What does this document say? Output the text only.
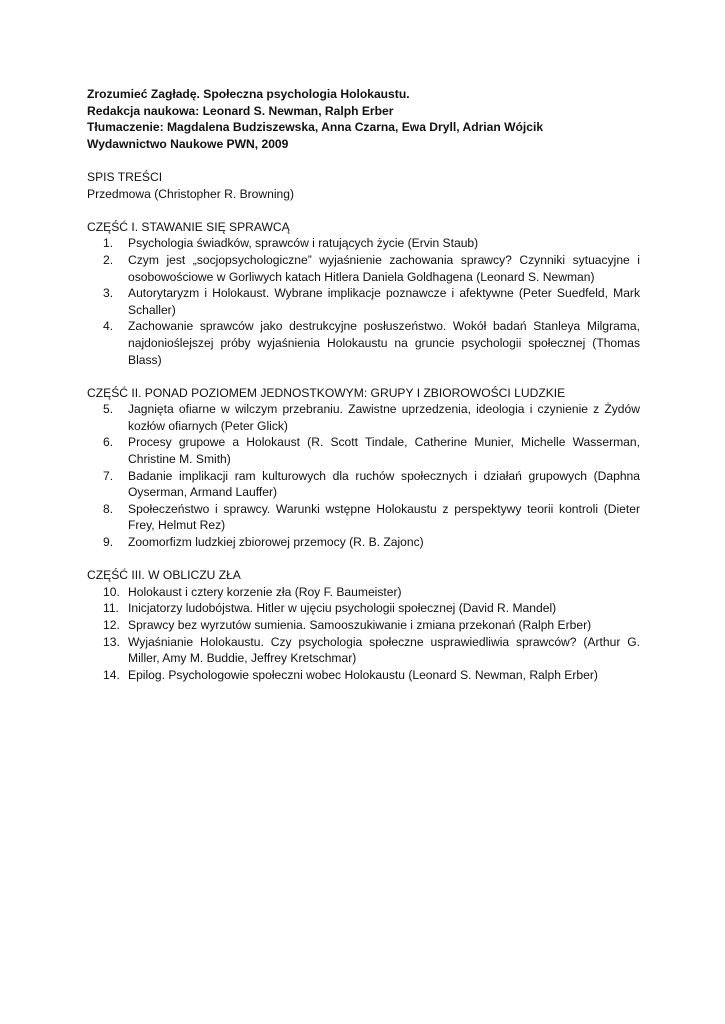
Zrozumieć Zagładę. Społeczna psychologia Holokaustu.
Redakcja naukowa: Leonard S. Newman, Ralph Erber
Tłumaczenie: Magdalena Budziszewska, Anna Czarna, Ewa Dryll, Adrian Wójcik
Wydawnictwo Naukowe PWN, 2009
SPIS TREŚCI
Przedmowa (Christopher R. Browning)
CZĘŚĆ I. STAWANIE SIĘ SPRAWCĄ
1.	Psychologia świadków, sprawców i ratujących życie (Ervin Staub)
2.	Czym jest „socjopsychologiczne” wyjaśnienie zachowania sprawcy? Czynniki sytuacyjne i osobowościowe w Gorliwych katach Hitlera Daniela Goldhagena (Leonard S. Newman)
3.	Autorytaryzm i Holokaust. Wybrane implikacje poznawcze i afektywne (Peter Suedfeld, Mark Schaller)
4.	Zachowanie sprawców jako destrukcyjne posłuszeństwo. Wokół badań Stanleya Milgrama, najdonioślejszej próby wyjaśnienia Holokaustu na gruncie psychologii społecznej (Thomas Blass)
CZĘŚĆ II. PONAD POZIOMEM JEDNOSTKOWYM: GRUPY I ZBIOROWOŚCI LUDZKIE
5.	Jagnięta ofiarne w wilczym przebraniu. Zawistne uprzedzenia, ideologia i czynienie z Żydów kozłów ofiarnych (Peter Glick)
6.	Procesy grupowe a Holokaust (R. Scott Tindale, Catherine Munier, Michelle Wasserman, Christine M. Smith)
7.	Badanie implikacji ram kulturowych dla ruchów społecznych i działań grupowych (Daphna Oyserman, Armand Lauffer)
8.	Społeczeństwo i sprawcy. Warunki wstępne Holokaustu z perspektywy teorii kontroli (Dieter Frey, Helmut Rez)
9.	Zoomorfizm ludzkiej zbiorowej przemocy (R. B. Zajonc)
CZĘŚĆ III. W OBLICZU ZŁA
10. Holokaust i cztery korzenie zła (Roy F. Baumeister)
11. Inicjatorzy ludobójstwa. Hitler w ujęciu psychologii społecznej (David R. Mandel)
12. Sprawcy bez wyrzutów sumienia. Samooszukiwanie i zmiana przekonań (Ralph Erber)
13. Wyjaśnianie Holokaustu. Czy psychologia społeczne usprawiedliwia sprawców? (Arthur G. Miller, Amy M. Buddie, Jeffrey Kretschmar)
14. Epilog. Psychologowie społeczni wobec Holokaustu (Leonard S. Newman, Ralph Erber)
